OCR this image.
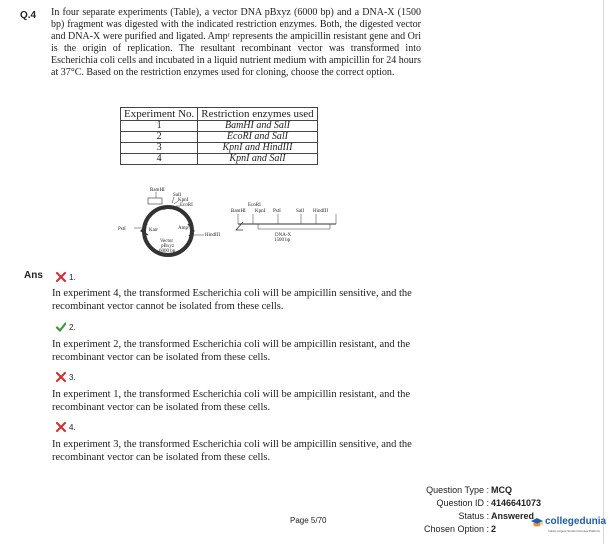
Q.4 In four separate experiments (Table), a vector DNA pBxyz (6000 bp) and a DNA-X (1500 bp) fragment was digested with the indicated restriction enzymes. Both, the digested vector and DNA-X were purified and ligated. Ampʳ represents the ampicillin resistant gene and Ori is the origin of replication. The resultant recombinant vector was transformed into Escherichia coli cells and incubated in a liquid nutrient medium with ampicillin for 24 hours at 37°C. Based on the restriction enzymes used for cloning, choose the correct option.
Experiment No.	Restriction enzymes used
1	BamHI and SalI
2	EcoRI and SalI
3	KpnI and HindIII
4	KpnI and SalI
BamHI
SalI
KpnI
EcoRI
Ori
PstI	Kanʳ	Ampʳ
HindIII
Vector
pBxyz
6000 bp
EcoRI
BamHI KpnI PstI	SalI HindIII
DNA-X
1500 bp
Ans	1.
In experiment 4, the transformed Escherichia coli will be ampicillin sensitive, and the recombinant vector cannot be isolated from these cells.
2.
In experiment 2, the transformed Escherichia coli will be ampicillin resistant, and the recombinant vector can be isolated from these cells.
3.
In experiment 1, the transformed Escherichia coli will be ampicillin resistant, and the recombinant vector can be isolated from these cells.
4.
In experiment 3, the transformed Escherichia coli will be ampicillin sensitive, and the recombinant vector can be isolated from these cells.
Question Type : MCQ
Question ID : 4146641073
Status : Answered
Chosen Option : 2
Page 5/70	collegedunia
India's largest Student Review Platform
